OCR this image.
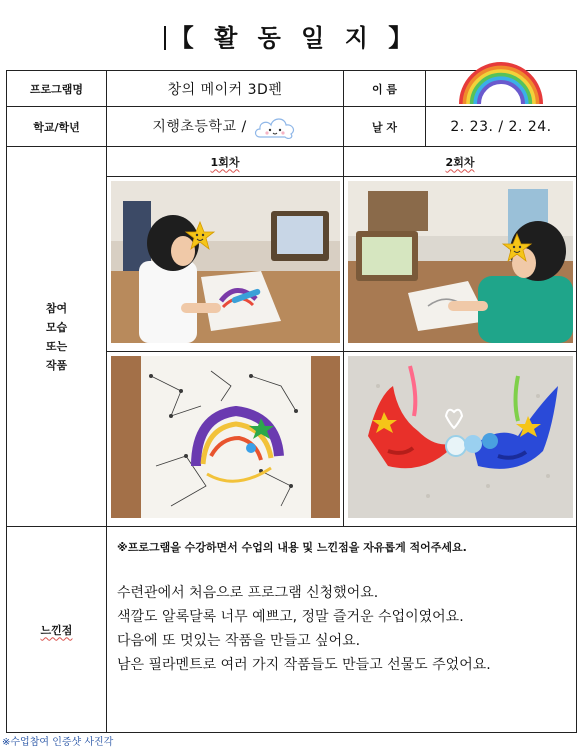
【 활 동 일 지 】
프로그램명	창의 메이커 3D펜	이 름	

학교/학년	지행초등학교 /	날 자	2. 23. / 2. 24.

참여
모습
또는
작품	1회차	2회차	

느낀점	※프로그램을 수강하면서 수업의 내용 및 느낀점을 자유롭게 적어주세요.
수련관에서 처음으로 프로그램 신청했어요.
색깔도 알록달록 너무 예쁘고, 정말 즐거운 수업이였어요.
다음에 또 멋있는 작품을 만들고 싶어요.
남은 필라멘트로 여러 가지 작품들도 만들고 선물도 주었어요.		
※수업참여 인증샷 사진각
